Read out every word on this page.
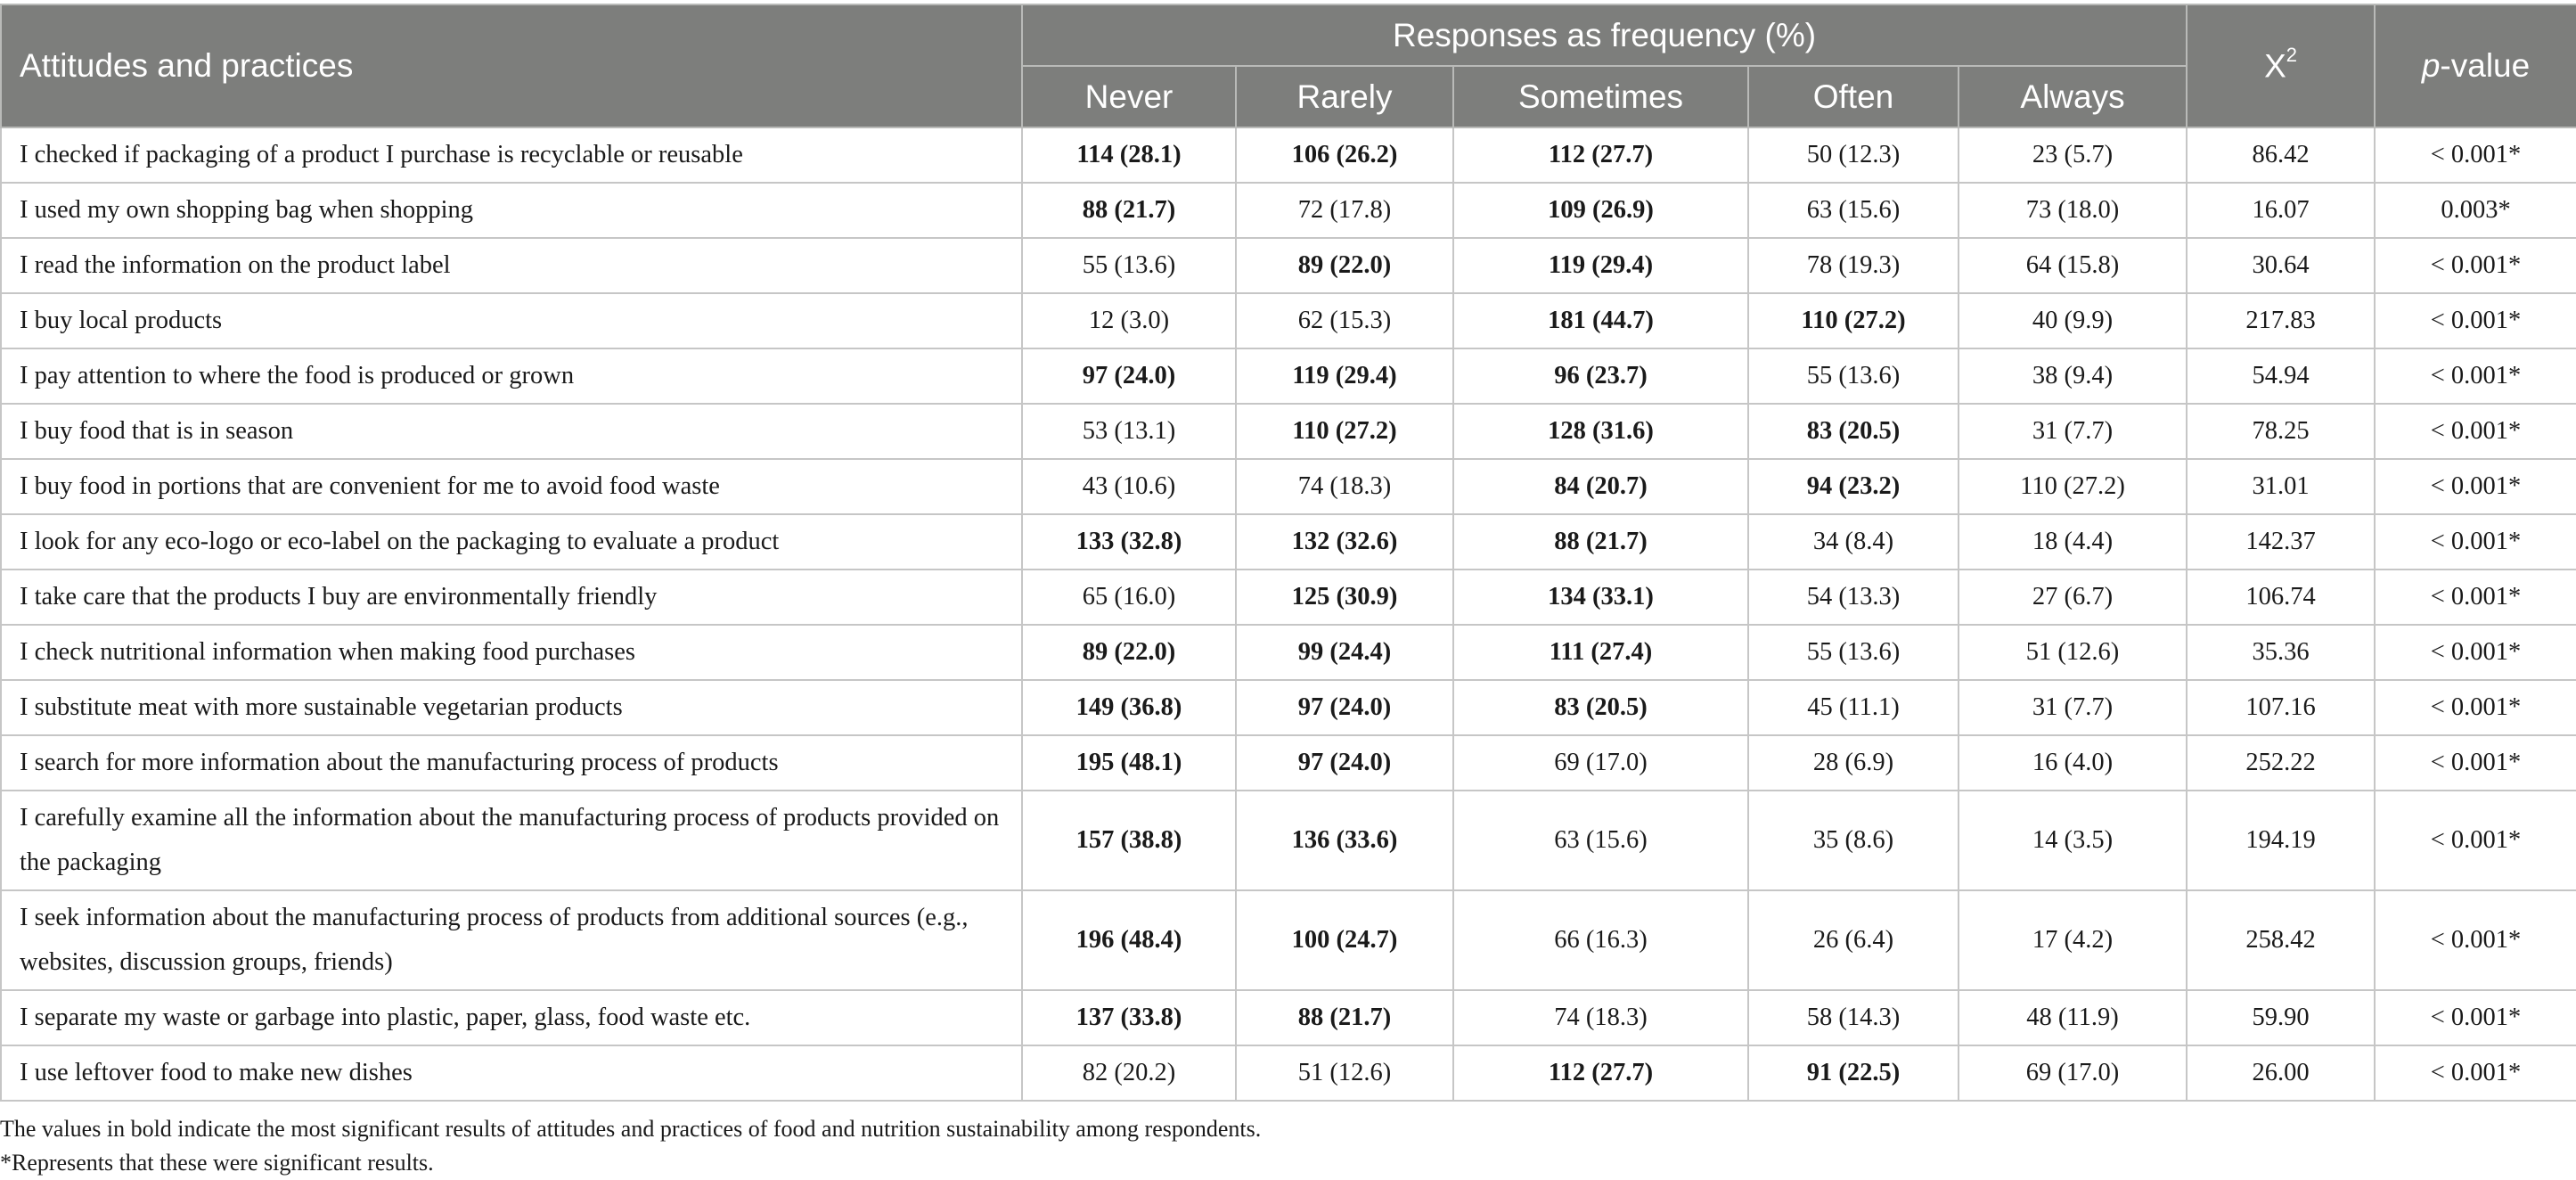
Attitudes and practices	Responses as frequency (%)					$X^2$	p-value
	Never	Rarely	Sometimes	Often	Always		
I checked if packaging of a product I purchase is recyclable or reusable	114 (28.1)	106 (26.2)	112 (27.7)	50 (12.3)	23 (5.7)	86.42	< 0.001*
I used my own shopping bag when shopping	88 (21.7)	72 (17.8)	109 (26.9)	63 (15.6)	73 (18.0)	16.07	0.003*
I read the information on the product label	55 (13.6)	89 (22.0)	119 (29.4)	78 (19.3)	64 (15.8)	30.64	< 0.001*
I buy local products	12 (3.0)	62 (15.3)	181 (44.7)	110 (27.2)	40 (9.9)	217.83	< 0.001*
I pay attention to where the food is produced or grown	97 (24.0)	119 (29.4)	96 (23.7)	55 (13.6)	38 (9.4)	54.94	< 0.001*
I buy food that is in season	53 (13.1)	110 (27.2)	128 (31.6)	83 (20.5)	31 (7.7)	78.25	< 0.001*
I buy food in portions that are convenient for me to avoid food waste	43 (10.6)	74 (18.3)	84 (20.7)	94 (23.2)	110 (27.2)	31.01	< 0.001*
I look for any eco-logo or eco-label on the packaging to evaluate a product	133 (32.8)	132 (32.6)	88 (21.7)	34 (8.4)	18 (4.4)	142.37	< 0.001*
I take care that the products I buy are environmentally friendly	65 (16.0)	125 (30.9)	134 (33.1)	54 (13.3)	27 (6.7)	106.74	< 0.001*
I check nutritional information when making food purchases	89 (22.0)	99 (24.4)	111 (27.4)	55 (13.6)	51 (12.6)	35.36	< 0.001*
I substitute meat with more sustainable vegetarian products	149 (36.8)	97 (24.0)	83 (20.5)	45 (11.1)	31 (7.7)	107.16	< 0.001*
I search for more information about the manufacturing process of products	195 (48.1)	97 (24.0)	69 (17.0)	28 (6.9)	16 (4.0)	252.22	< 0.001*
I carefully examine all the information about the manufacturing process of products provided on the packaging	157 (38.8)	136 (33.6)	63 (15.6)	35 (8.6)	14 (3.5)	194.19	< 0.001*
I seek information about the manufacturing process of products from additional sources (e.g., websites, discussion groups, friends)	196 (48.4)	100 (24.7)	66 (16.3)	26 (6.4)	17 (4.2)	258.42	< 0.001*
I separate my waste or garbage into plastic, paper, glass, food waste etc.	137 (33.8)	88 (21.7)	74 (18.3)	58 (14.3)	48 (11.9)	59.90	< 0.001*
I use leftover food to make new dishes	82 (20.2)	51 (12.6)	112 (27.7)	91 (22.5)	69 (17.0)	26.00	< 0.001*
The values in bold indicate the most significant results of attitudes and practices of food and nutrition sustainability among respondents.
*Represents that these were significant results.
